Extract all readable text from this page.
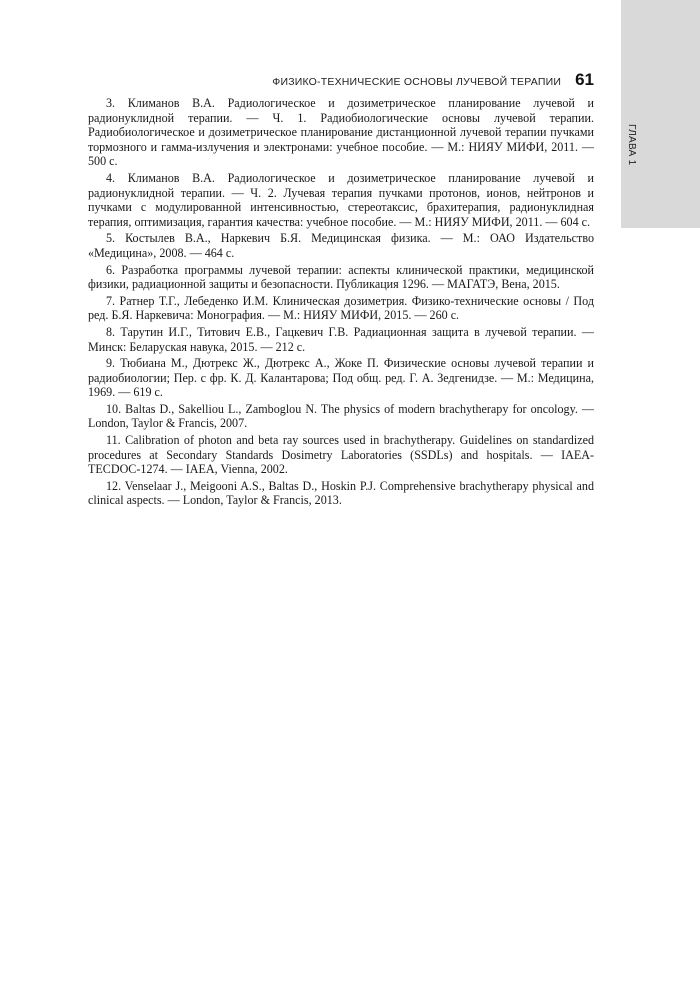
ГЛАВА 1
ФИЗИКО-ТЕХНИЧЕСКИЕ ОСНОВЫ ЛУЧЕВОЙ ТЕРАПИИ 61

3. Климанов В.А. Радиологическое и дозиметрическое планирование лучевой и радионуклидной терапии. — Ч. 1. Радиобиологические основы лучевой терапии. Радиобиологическое и дозиметрическое планирование дистанционной лучевой терапии пучками тормозного и гамма-излучения и электронами: учебное пособие. — М.: НИЯУ МИФИ, 2011. — 500 с.

4. Климанов В.А. Радиологическое и дозиметрическое планирование лучевой и радионуклидной терапии. — Ч. 2. Лучевая терапия пучками протонов, ионов, нейтронов и пучками с модулированной интенсивностью, стереотаксис, брахитерапия, радионуклидная терапия, оптимизация, гарантия качества: учебное пособие. — М.: НИЯУ МИФИ, 2011. — 604 с.

5. Костылев В.А., Наркевич Б.Я. Медицинская физика. — М.: ОАО Издательство «Медицина», 2008. — 464 с.

6. Разработка программы лучевой терапии: аспекты клинической практики, медицинской физики, радиационной защиты и безопасности. Публикация 1296. — МАГАТЭ, Вена, 2015.

7. Ратнер Т.Г., Лебеденко И.М. Клиническая дозиметрия. Физико-технические основы / Под ред. Б.Я. Наркевича: Монография. — М.: НИЯУ МИФИ, 2015. — 260 с.

8. Тарутин И.Г., Титович Е.В., Гацкевич Г.В. Радиационная защита в лучевой терапии. — Минск: Беларуская навука, 2015. — 212 с.

9. Тюбиана М., Дютрекс Ж., Дютрекс А., Жоке П. Физические основы лучевой терапии и радиобиологии; Пер. с фр. К. Д. Калантарова; Под общ. ред. Г. А. Зедгенидзе. — М.: Медицина, 1969. — 619 с.

10. Baltas D., Sakelliou L., Zamboglou N. The physics of modern brachytherapy for oncology. — London, Taylor & Francis, 2007.

11. Calibration of photon and beta ray sources used in brachytherapy. Guidelines on standardized procedures at Secondary Standards Dosimetry Laboratories (SSDLs) and hospitals. — IAEA-TECDOC-1274. — IAEA, Vienna, 2002.

12. Venselaar J., Meigooni A.S., Baltas D., Hoskin P.J. Comprehensive brachytherapy physical and clinical aspects. — London, Taylor & Francis, 2013.
